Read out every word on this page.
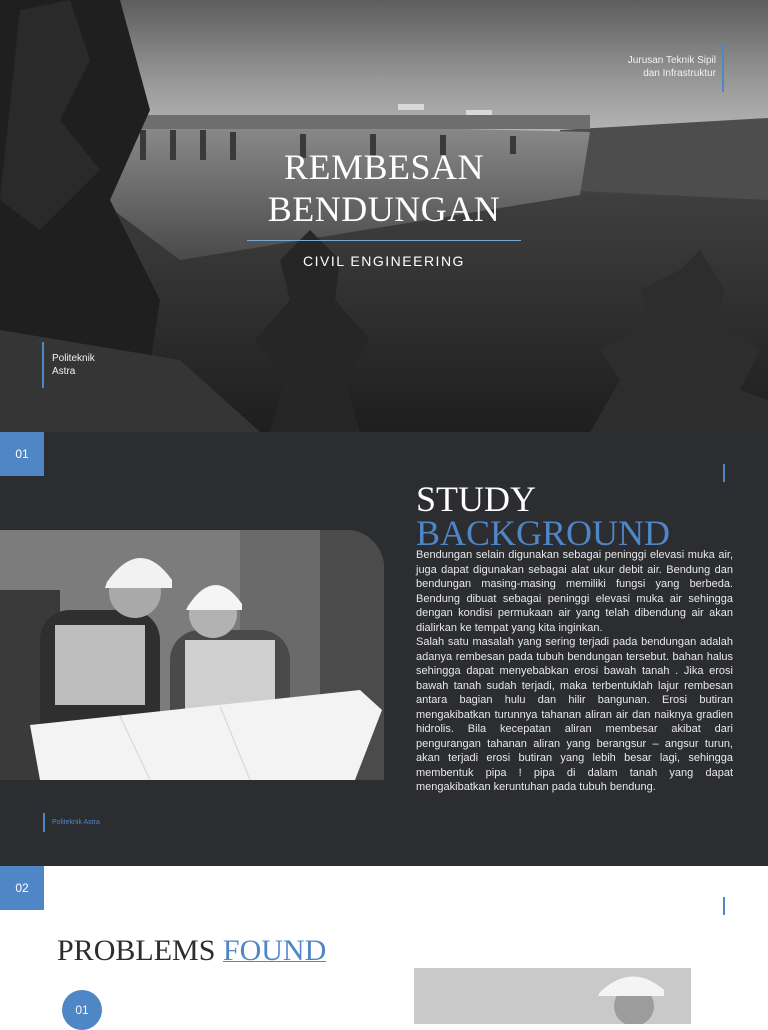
REMBESAN
BENDUNGAN
CIVIL ENGINEERING
Jurusan Teknik Sipil
dan Infrastruktur
Politeknik
Astra
01
STUDY
BACKGROUND

Bendungan selain digunakan sebagai peninggi elevasi muka air, juga dapat digunakan sebagai alat ukur debit air. Bendung dan bendungan masing-masing memiliki fungsi yang berbeda. Bendung dibuat sebagai peninggi elevasi muka air sehingga dengan kondisi permukaan air yang telah dibendung air akan dialirkan ke tempat yang kita inginkan.

Salah satu masalah yang sering terjadi pada bendungan adalah adanya rembesan pada tubuh bendungan tersebut. bahan halus sehingga dapat menyebabkan erosi bawah tanah . Jika erosi bawah tanah sudah terjadi, maka terbentuklah lajur rembesan antara bagian hulu dan hilir bangunan. Erosi butiran mengakibatkan turunnya tahanan aliran air dan naiknya gradien hidrolis. Bila kecepatan aliran membesar akibat dari pengurangan tahanan aliran yang berangsur – angsur turun, akan terjadi erosi butiran yang lebih besar lagi, sehingga membentuk pipa ! pipa di dalam tanah yang dapat mengakibatkan keruntuhan pada tubuh bendung.

Politeknik Astra
02
PROBLEMS FOUND
01
